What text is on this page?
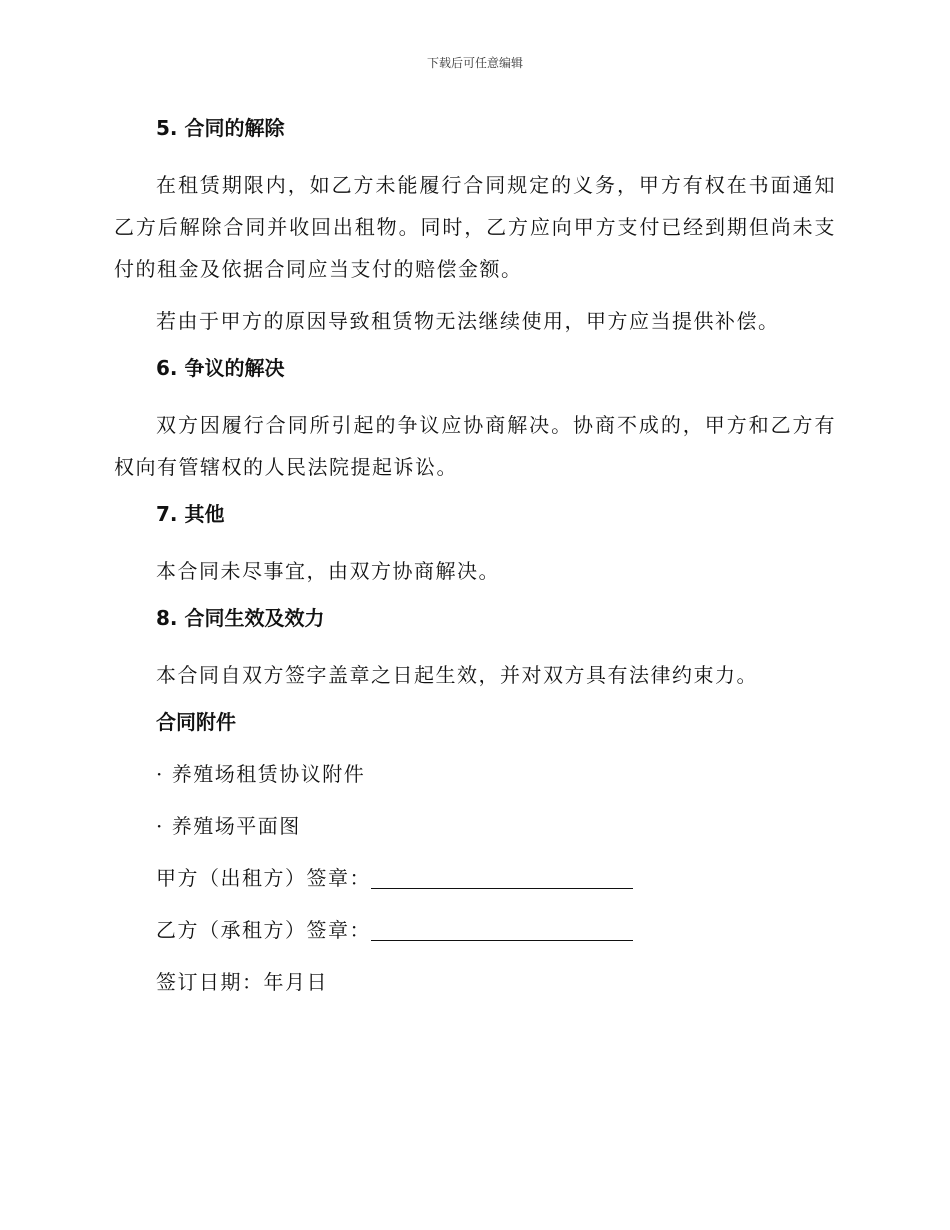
下载后可任意编辑
5. 合同的解除
在租赁期限内，如乙方未能履行合同规定的义务，甲方有权在书面通知乙方后解除合同并收回出租物。同时，乙方应向甲方支付已经到期但尚未支付的租金及依据合同应当支付的赔偿金额。
若由于甲方的原因导致租赁物无法继续使用，甲方应当提供补偿。
6. 争议的解决
双方因履行合同所引起的争议应协商解决。协商不成的，甲方和乙方有权向有管辖权的人民法院提起诉讼。
7. 其他
本合同未尽事宜，由双方协商解决。
8. 合同生效及效力
本合同自双方签字盖章之日起生效，并对双方具有法律约束力。
合同附件
· 养殖场租赁协议附件
· 养殖场平面图
甲方（出租方）签章：
乙方（承租方）签章：
签订日期：年月日
